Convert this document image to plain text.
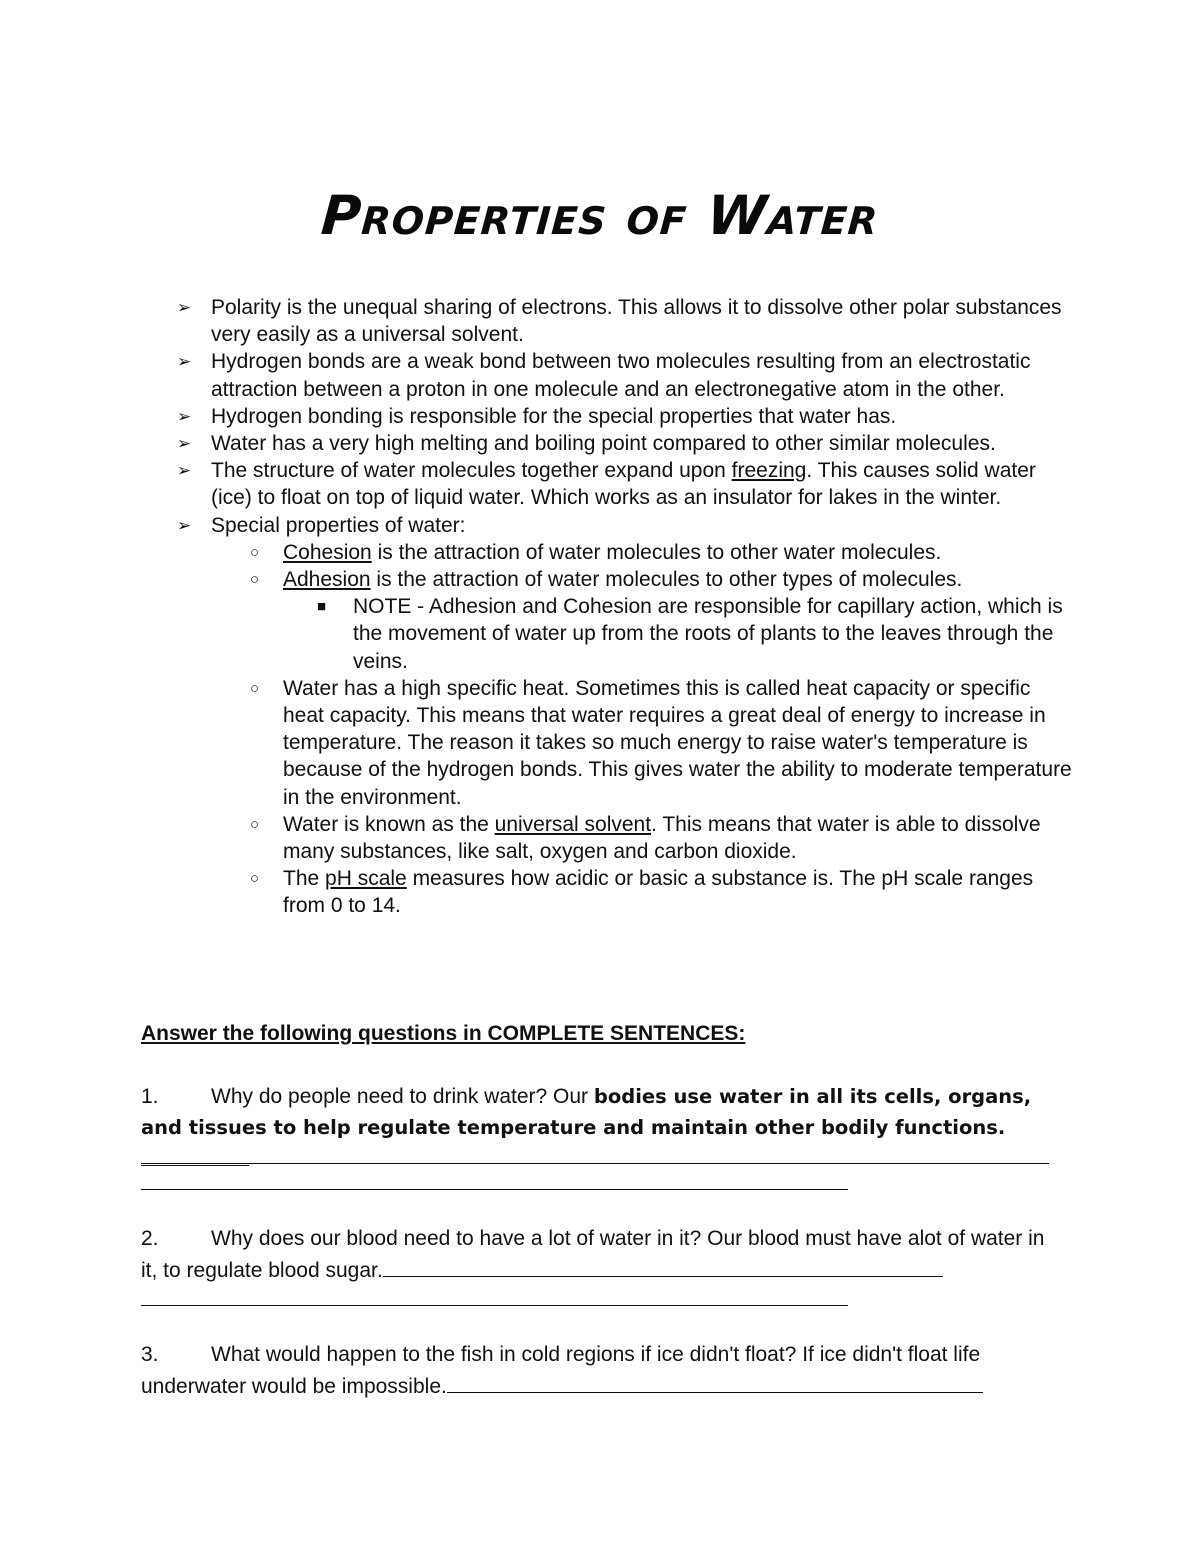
Properties of Water
➢ Polarity is the unequal sharing of electrons. This allows it to dissolve other polar substances very easily as a universal solvent.
➢ Hydrogen bonds are a weak bond between two molecules resulting from an electrostatic attraction between a proton in one molecule and an electronegative atom in the other.
➢ Hydrogen bonding is responsible for the special properties that water has.
➢ Water has a very high melting and boiling point compared to other similar molecules.
➢ The structure of water molecules together expand upon freezing. This causes solid water (ice) to float on top of liquid water. Which works as an insulator for lakes in the winter.
➢ Special properties of water:
○ Cohesion is the attraction of water molecules to other water molecules.
○ Adhesion is the attraction of water molecules to other types of molecules.
■ NOTE - Adhesion and Cohesion are responsible for capillary action, which is the movement of water up from the roots of plants to the leaves through the veins.
○ Water has a high specific heat. Sometimes this is called heat capacity or specific heat capacity. This means that water requires a great deal of energy to increase in temperature. The reason it takes so much energy to raise water's temperature is because of the hydrogen bonds. This gives water the ability to moderate temperature in the environment.
○ Water is known as the universal solvent. This means that water is able to dissolve many substances, like salt, oxygen and carbon dioxide.
○ The pH scale measures how acidic or basic a substance is. The pH scale ranges from 0 to 14.
Answer the following questions in COMPLETE SENTENCES:
1. Why do people need to drink water? Our bodies use water in all its cells, organs, and tissues to help regulate temperature and maintain other bodily functions.
2. Why does our blood need to have a lot of water in it? Our blood must have alot of water in it, to regulate blood sugar.
3. What would happen to the fish in cold regions if ice didn't float? If ice didn't float life underwater would be impossible.
